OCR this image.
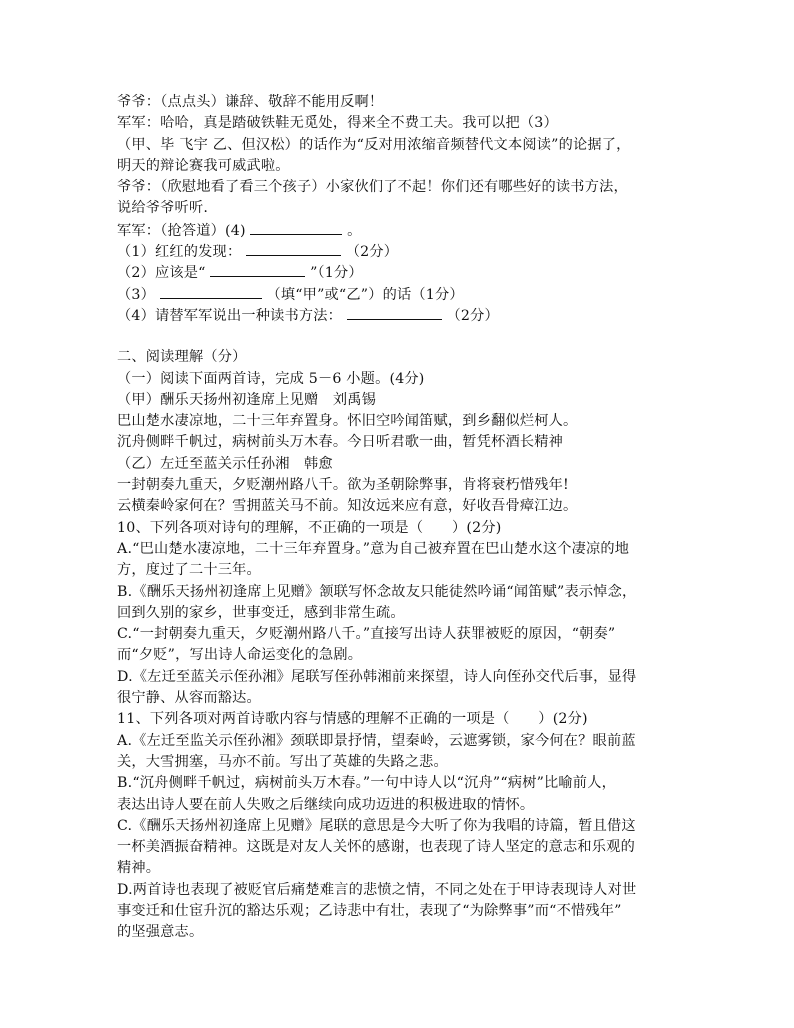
爷爷：（点点头）谦辞、敬辞不能用反啊！
军军：哈哈，真是踏破铁鞋无觅处，得来全不费工夫。我可以把（3）
（甲、毕 飞宇 乙、但汉松）的话作为“反对用浓缩音频替代文本阅读”的论据了，
明天的辩论赛我可威武啦。
爷爷：（欣慰地看了看三个孩子）小家伙们了不起！你们还有哪些好的读书方法，
说给爷爷听听.
军军：（抢答道）(4)	。
（1）红红的发现：	（2分）
（2）应该是“	”（1分）
（3）	（填“甲”或“乙”）的话（1分）
（4）请替军军说出一种读书方法：	（2分）
二、阅读理解（分）
（一）阅读下面两首诗，完成 5－6 小题。(4分)
（甲）酬乐天扬州初逢席上见赠　刘禹锡
巴山楚水凄凉地，二十三年弃置身。怀旧空吟闻笛赋，到乡翻似烂柯人。
沉舟侧畔千帆过，病树前头万木春。今日听君歌一曲，暂凭杯酒长精神
（乙）左迁至蓝关示任孙湘　韩愈
一封朝奏九重天，夕贬潮州路八千。欲为圣朝除弊事，肯将衰朽惜残年!
云横秦岭家何在？雪拥蓝关马不前。知汝远来应有意，好收吾骨瘴江边。
10、下列各项对诗句的理解，不正确的一项是（　　）(2分)
A.“巴山楚水凄凉地，二十三年弃置身。”意为自己被弃置在巴山楚水这个凄凉的地
方，度过了二十三年。
B.《酬乐天扬州初逢席上见赠》颔联写怀念故友只能徒然吟诵“闻笛赋”表示悼念，
回到久别的家乡，世事变迁，感到非常生疏。
C.“一封朝奏九重天，夕贬潮州路八千。”直接写出诗人获罪被贬的原因，“朝奏”
而“夕贬”，写出诗人命运变化的急剧。
D.《左迁至蓝关示侄孙湘》尾联写侄孙韩湘前来探望，诗人向侄孙交代后事，显得
很宁静、从容而豁达。
11、下列各项对两首诗歌内容与情感的理解不正确的一项是（　　）(2分)
A.《左迁至监关示侄孙湘》颈联即景抒情，望秦岭，云遮雾锁，家今何在？眼前蓝
关，大雪拥塞，马亦不前。写出了英雄的失路之悲。
B.“沉舟侧畔千帆过，病树前头万木春。”一句中诗人以“沉舟”“病树”比喻前人，
表达出诗人要在前人失败之后继续向成功迈进的积极进取的情怀。
C.《酬乐天扬州初逢席上见赠》尾联的意思是今大听了你为我唱的诗篇，暂且借这
一杯美酒振奋精神。这既是对友人关怀的感谢，也表现了诗人坚定的意志和乐观的
精神。
D.两首诗也表现了被贬官后痛楚难言的悲愤之情，不同之处在于甲诗表现诗人对世
事变迁和仕宦升沉的豁达乐观；乙诗悲中有壮，表现了“为除弊事”而“不惜残年”
的坚强意志。
